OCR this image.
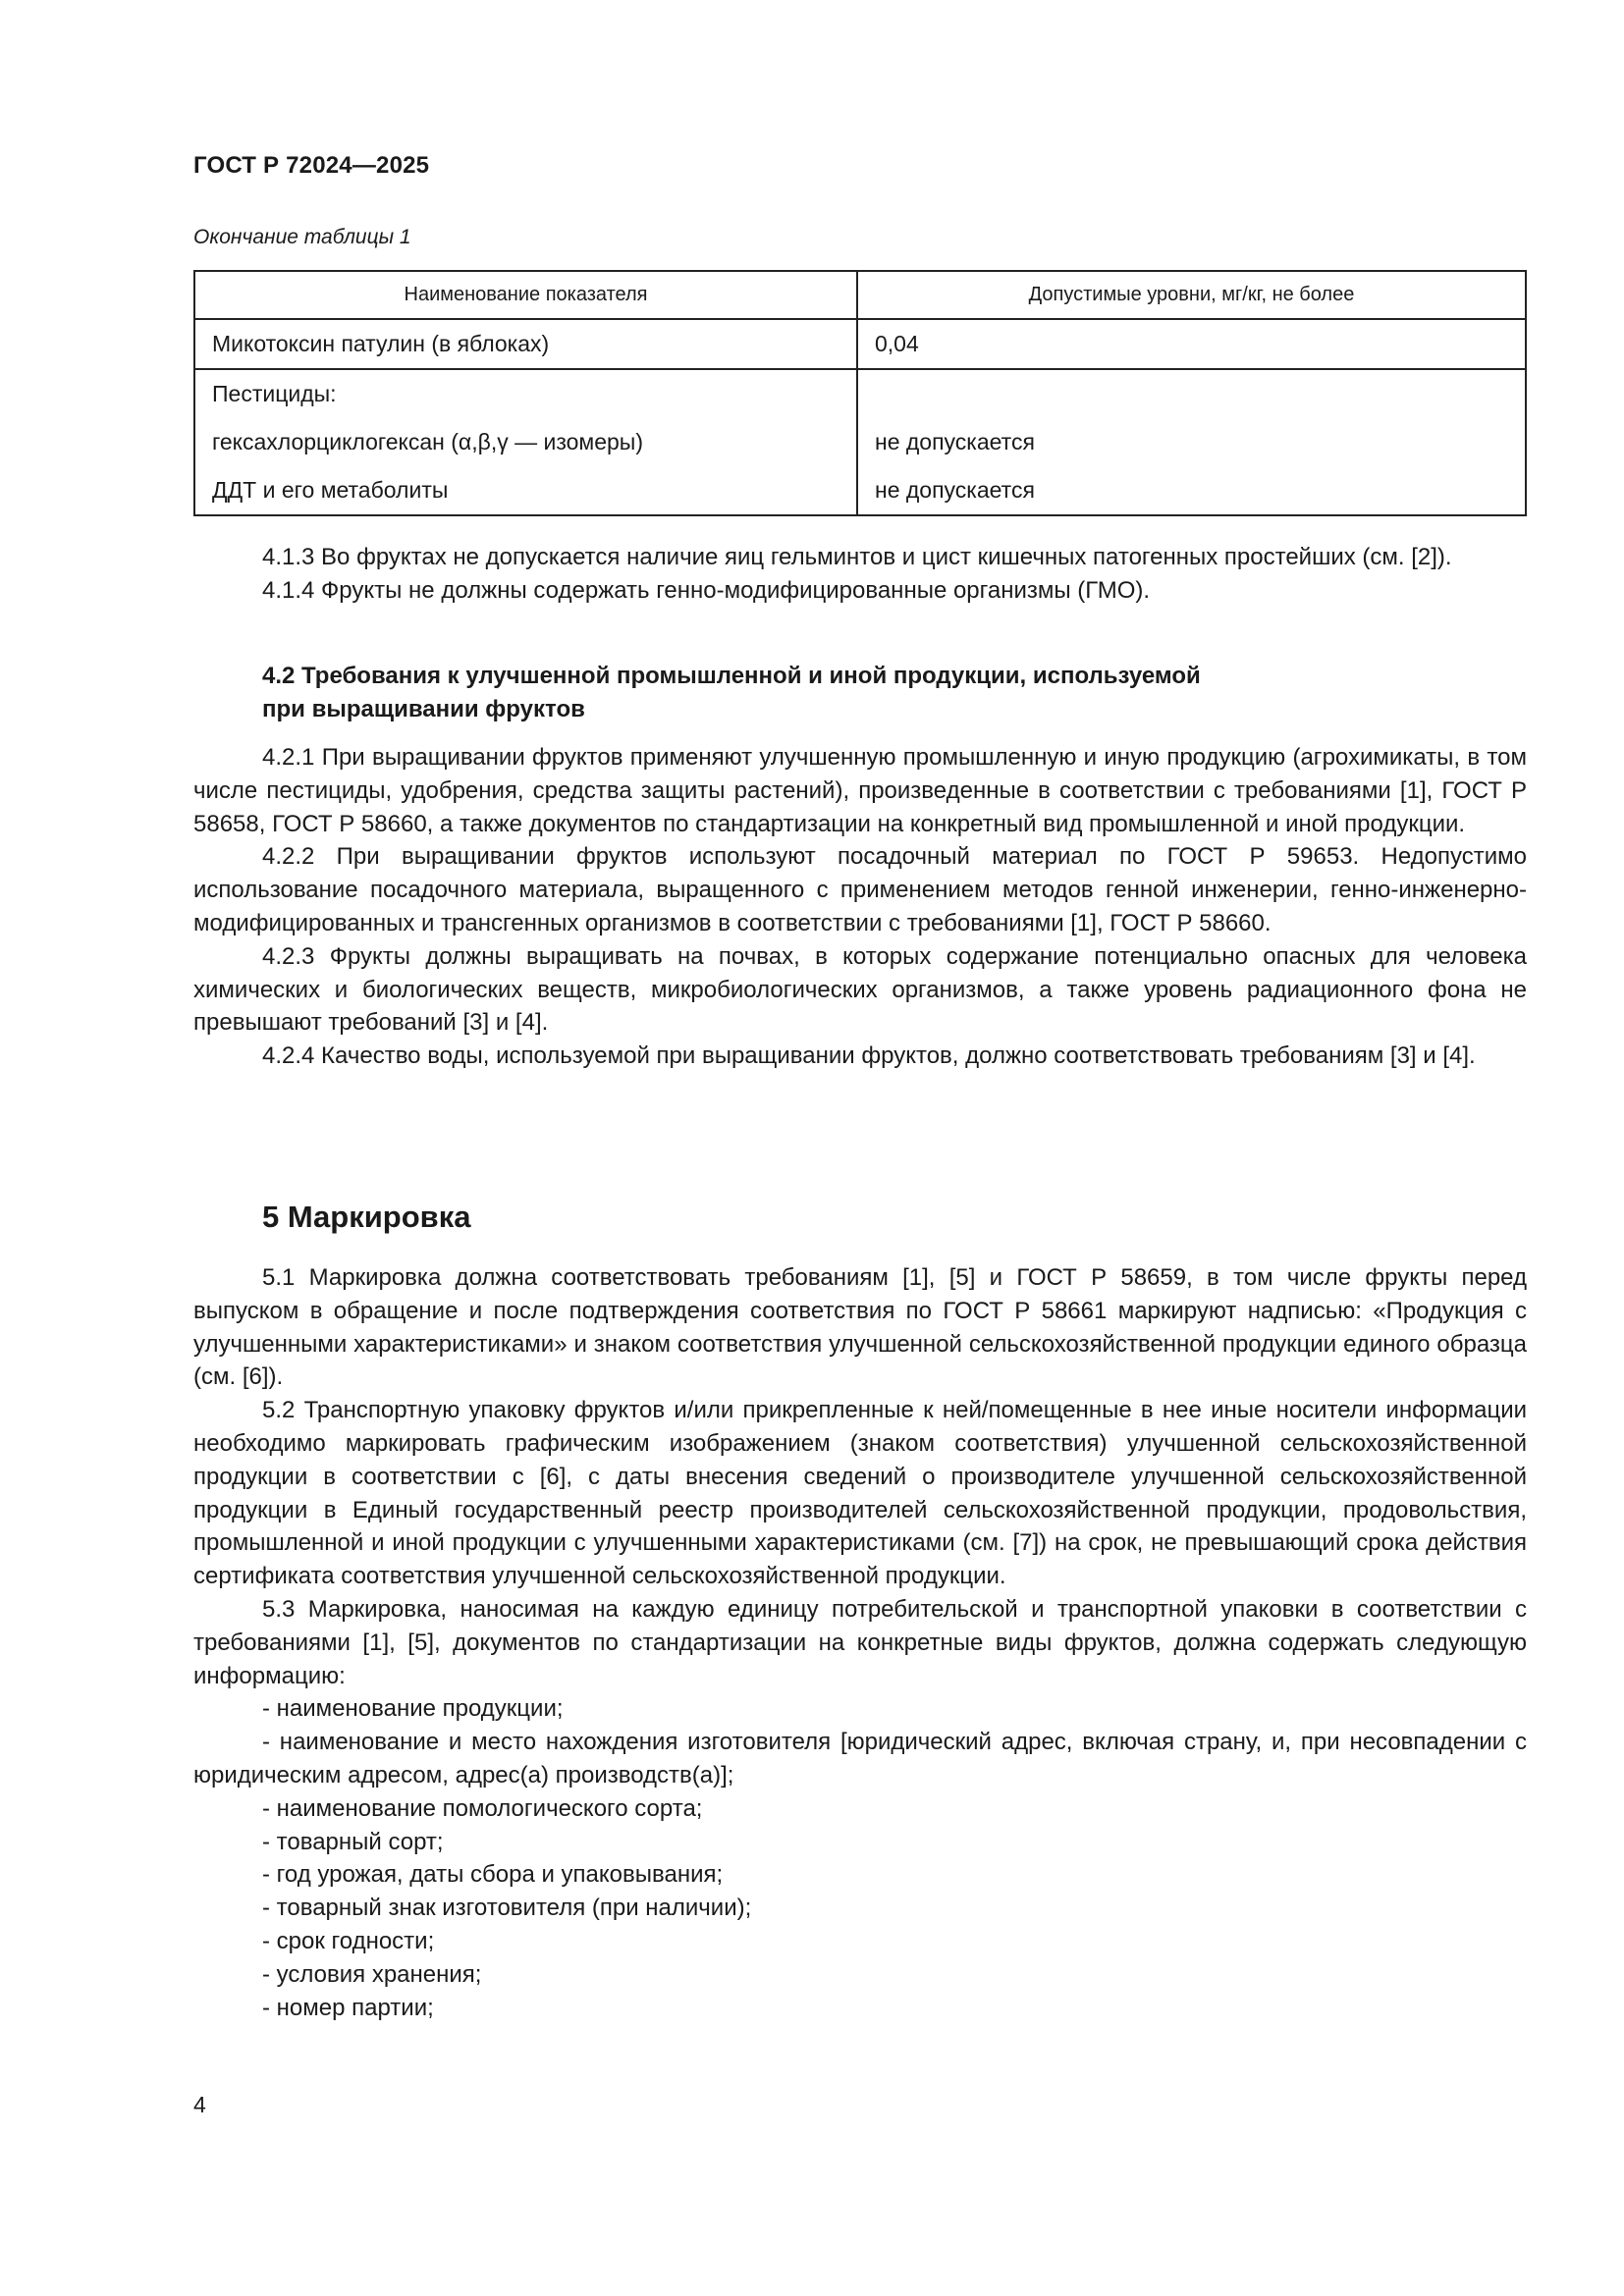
ГОСТ Р 72024—2025
Окончание таблицы 1
Наименование показателя	Допустимые уровни, мг/кг, не более
Микотоксин патулин (в яблоках)	0,04
Пестициды:	
гексахлорциклогексан (α,β,γ — изомеры)	не допускается
ДДТ и его метаболиты	не допускается

4.1.3 Во фруктах не допускается наличие яиц гельминтов и цист кишечных патогенных простейших (см. [2]).

4.1.4 Фрукты не должны содержать генно-модифицированные организмы (ГМО).

4.2 Требования к улучшенной промышленной и иной продукции, используемой
при выращивании фруктов

4.2.1 При выращивании фруктов применяют улучшенную промышленную и иную продукцию (агрохимикаты, в том числе пестициды, удобрения, средства защиты растений), произведенные в соответствии с требованиями [1], ГОСТ Р 58658, ГОСТ Р 58660, а также документов по стандартизации на конкретный вид промышленной и иной продукции.

4.2.2 При выращивании фруктов используют посадочный материал по ГОСТ Р 59653. Недопустимо использование посадочного материала, выращенного с применением методов генной инженерии, генно-инженерно-модифицированных и трансгенных организмов в соответствии с требованиями [1], ГОСТ Р 58660.

4.2.3 Фрукты должны выращивать на почвах, в которых содержание потенциально опасных для человека химических и биологических веществ, микробиологических организмов, а также уровень радиационного фона не превышают требований [3] и [4].

4.2.4 Качество воды, используемой при выращивании фруктов, должно соответствовать требованиям [3] и [4].

5 Маркировка

5.1 Маркировка должна соответствовать требованиям [1], [5] и ГОСТ Р 58659, в том числе фрукты перед выпуском в обращение и после подтверждения соответствия по ГОСТ Р 58661 маркируют надписью: «Продукция с улучшенными характеристиками» и знаком соответствия улучшенной сельскохозяйственной продукции единого образца (см. [6]).

5.2 Транспортную упаковку фруктов и/или прикрепленные к ней/помещенные в нее иные носители информации необходимо маркировать графическим изображением (знаком соответствия) улучшенной сельскохозяйственной продукции в соответствии с [6], с даты внесения сведений о производителе улучшенной сельскохозяйственной продукции в Единый государственный реестр производителей сельскохозяйственной продукции, продовольствия, промышленной и иной продукции с улучшенными характеристиками (см. [7]) на срок, не превышающий срока действия сертификата соответствия улучшенной сельскохозяйственной продукции.

5.3 Маркировка, наносимая на каждую единицу потребительской и транспортной упаковки в соответствии с требованиями [1], [5], документов по стандартизации на конкретные виды фруктов, должна содержать следующую информацию:

- наименование продукции;

- наименование и место нахождения изготовителя [юридический адрес, включая страну, и, при несовпадении с юридическим адресом, адрес(а) производств(а)];

- наименование помологического сорта;

- товарный сорт;

- год урожая, даты сбора и упаковывания;

- товарный знак изготовителя (при наличии);

- срок годности;

- условия хранения;

- номер партии;

4
